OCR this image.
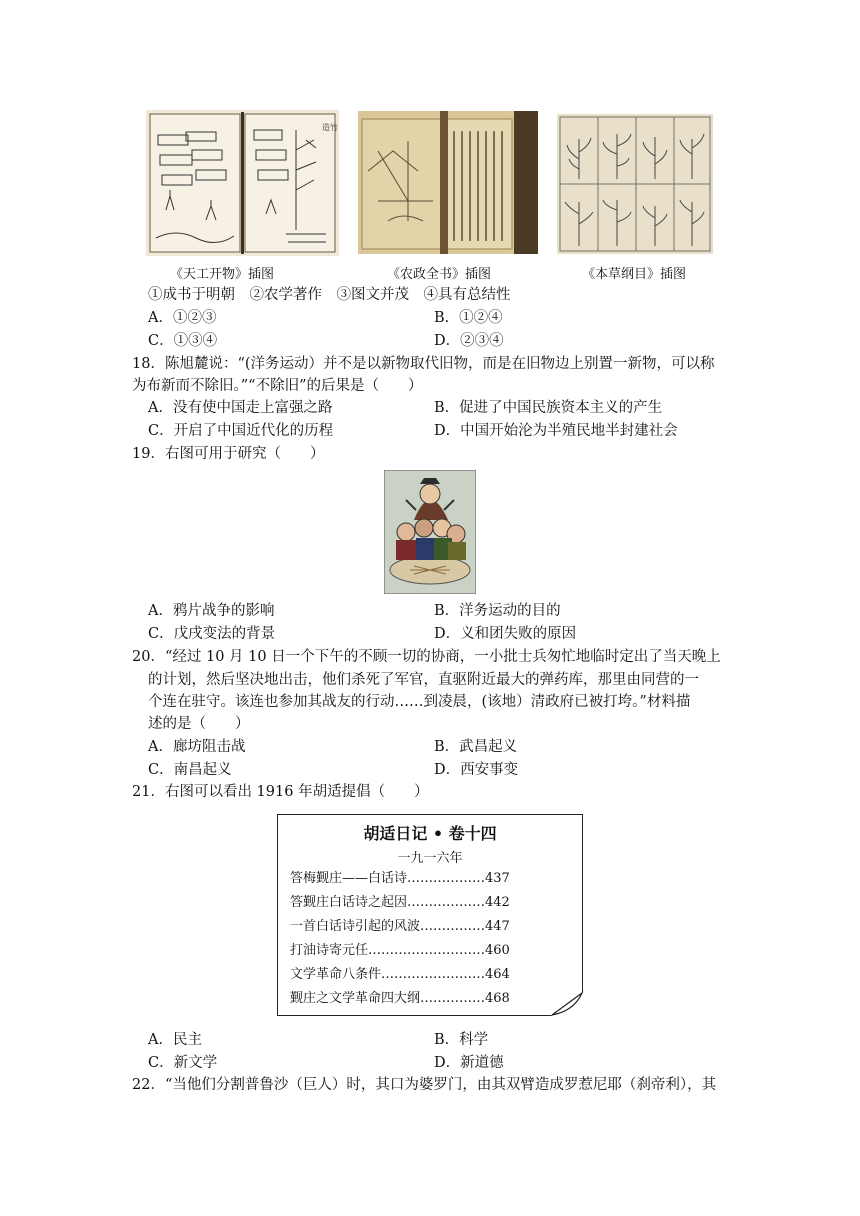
造竹
《天工开物》插图	《农政全书》插图	《本草纲目》插图
①成书于明朝　②农学著作　③图文并茂　④具有总结性
A．①②③	B．①②④
C．①③④	D．②③④
18．陈旭麓说：“(洋务运动）并不是以新物取代旧物，而是在旧物边上别置一新物，可以称
为布新而不除旧。”“不除旧”的后果是（　　）
A．没有使中国走上富强之路	B．促进了中国民族资本主义的产生
C．开启了中国近代化的历程	D．中国开始沦为半殖民地半封建社会
19．右图可用于研究（　　）
A．鸦片战争的影响	B．洋务运动的目的
C．戊戌变法的背景	D．义和团失败的原因
20．“经过 10 月 10 日一个下午的不顾一切的协商，一小批士兵匆忙地临时定出了当天晚上
的计划，然后坚决地出击，他们杀死了军官，直驱附近最大的弹药库，那里由同营的一
个连在驻守。该连也参加其战友的行动……到凌晨，(该地）清政府已被打垮。”材料描
述的是（　　）
A．廊坊阻击战	B．武昌起义
C．南昌起义	D．西安事变
21．右图可以看出 1916 年胡适提倡（　　）
胡适日记 • 卷十四
一九一六年
答梅觐庄——白话诗………………437
答觐庄白话诗之起因………………442
一首白话诗引起的风波……………447
打油诗寄元任………………………460
文学革命八条件……………………464
觐庄之文学革命四大纲……………468
A．民主	B．科学
C．新文学	D．新道德
22．“当他们分割普鲁沙（巨人）时，其口为婆罗门，由其双臂造成罗惹尼耶（刹帝利），其
